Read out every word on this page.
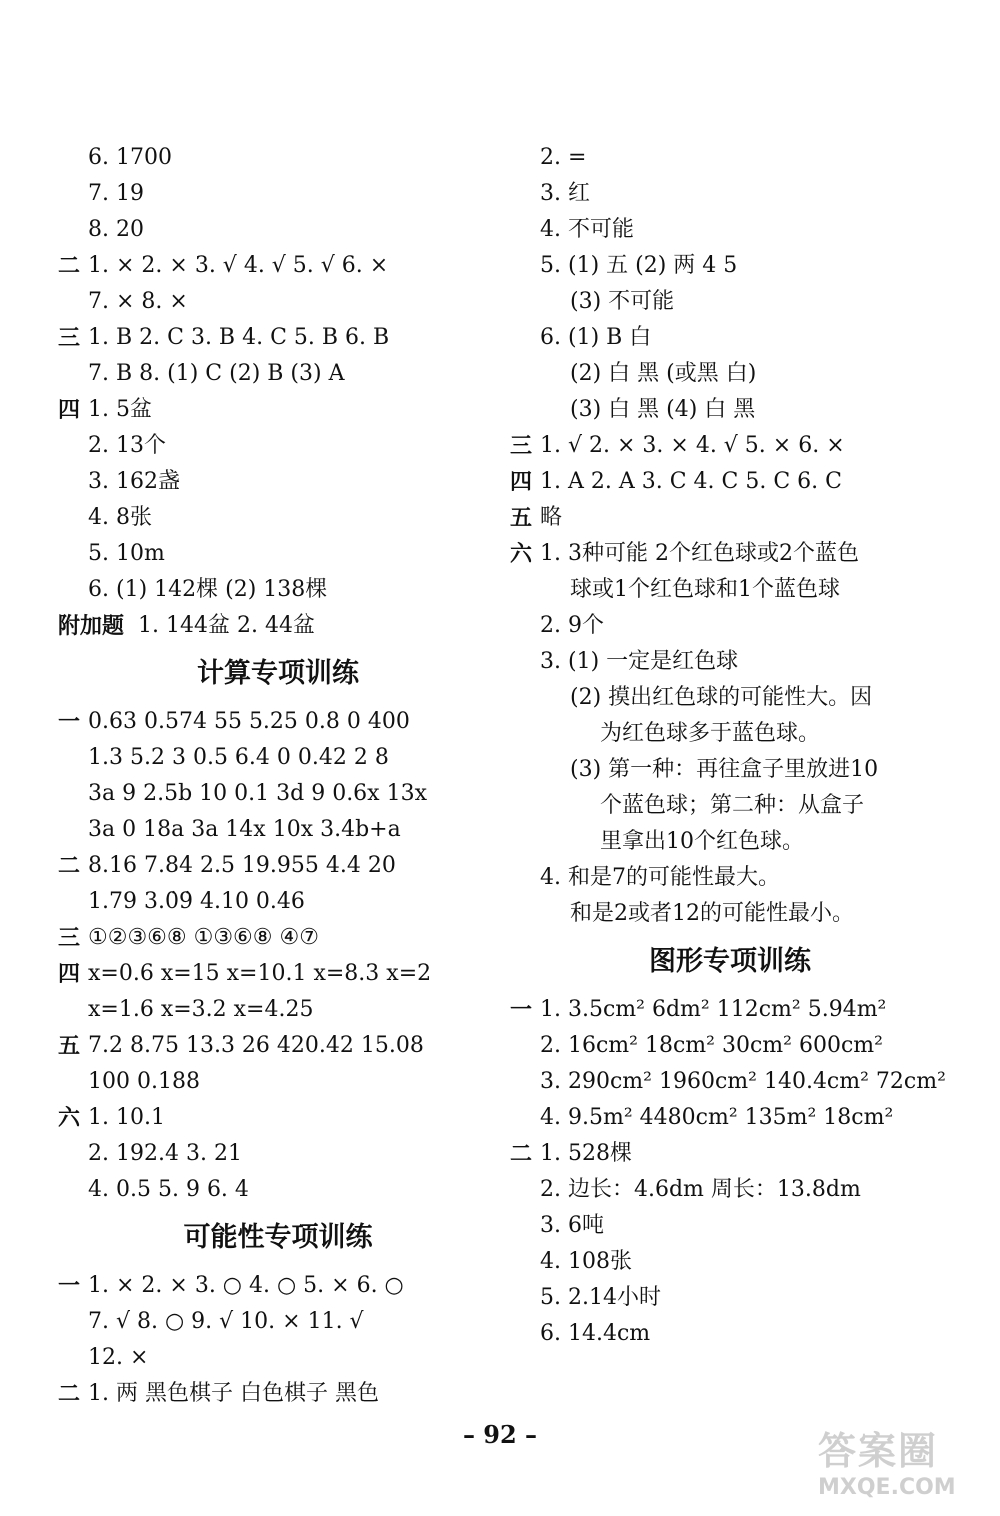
6. 1700
7. 19
8. 20
二 1. × 2. × 3. √ 4. √ 5. √ 6. ×
7. × 8. ×
三 1. B 2. C 3. B 4. C 5. B 6. B
7. B 8. (1) C (2) B (3) A
四 1. 5盆
2. 13个
3. 162盏
4. 8张
5. 10m
6. (1) 142棵 (2) 138棵
附加题 1. 144盆 2. 44盆
计算专项训练
一 0.63 0.574 55 5.25 0.8 0 400
1.3 5.2 3 0.5 6.4 0 0.42 2 8
3a 9 2.5b 10 0.1 3d 9 0.6x 13x
3a 0 18a 3a 14x 10x 3.4b+a
二 8.16 7.84 2.5 19.955 4.4 20
1.79 3.0̇9̇ 4.10 0.46
三 ①②③⑥⑧ ①③⑥⑧ ④⑦
四 x=0.6 x=15 x=10.1 x=8.3 x=2
x=1.6 x=3.2 x=4.25
五 7.2 8.75 13.3 26 420.42 15.08
100 0.188
六 1. 10.1
2. 192.4 3. 21
4. 0.5 5. 9 6. 4
可能性专项训练
一 1. × 2. × 3. ○ 4. ○ 5. × 6. ○
7. √ 8. ○ 9. √ 10. × 11. √
12. ×
二 1. 两 黑色棋子 白色棋子 黑色
2. =
3. 红
4. 不可能
5. (1) 五 (2) 两 4 5
(3) 不可能
6. (1) B 白
(2) 白 黑 (或黑 白)
(3) 白 黑 (4) 白 黑
三 1. √ 2. × 3. × 4. √ 5. × 6. ×
四 1. A 2. A 3. C 4. C 5. C 6. C
五 略
六 1. 3种可能 2个红色球或2个蓝色
球或1个红色球和1个蓝色球
2. 9个
3. (1) 一定是红色球
(2) 摸出红色球的可能性大。因
为红色球多于蓝色球。
(3) 第一种：再往盒子里放进10
个蓝色球；第二种：从盒子
里拿出10个红色球。
4. 和是7的可能性最大。
和是2或者12的可能性最小。
图形专项训练
一 1. 3.5cm² 6dm² 112cm² 5.94m²
2. 16cm² 18cm² 30cm² 600cm²
3. 290cm² 1960cm² 140.4cm² 72cm²
4. 9.5m² 4480cm² 135m² 18cm²
二 1. 528棵
2. 边长：4.6dm 周长：13.8dm
3. 6吨
4. 108张
5. 2.14小时
6. 14.4cm
– 92 –	答案圈
MXQE.COM
